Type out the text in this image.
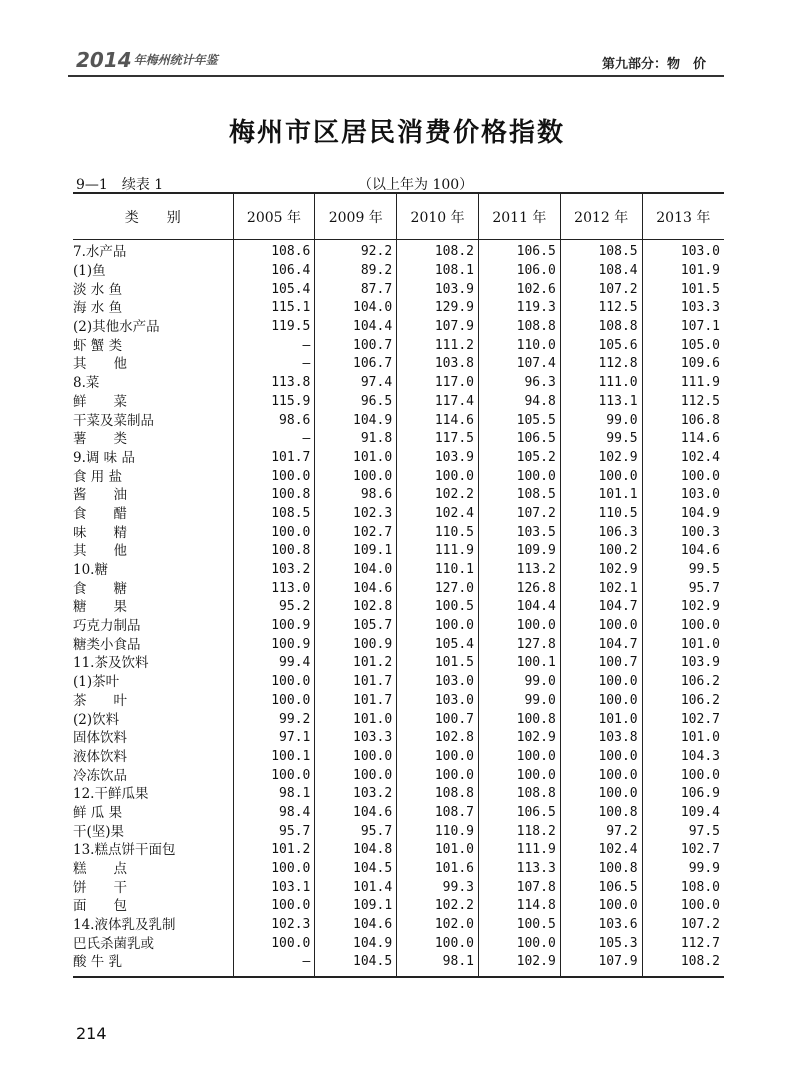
2014 年梅州统计年鉴	第九部分：物　价
梅州市区居民消费价格指数
9—1　续表 1	（以上年为 100）
类　　别	2005 年	2009 年	2010 年	2011 年	2012 年	2013 年
7.水产品	108.6	92.2	108.2	106.5	108.5	103.0
(1)鱼	106.4	89.2	108.1	106.0	108.4	101.9
淡 水 鱼	105.4	87.7	103.9	102.6	107.2	101.5
海 水 鱼	115.1	104.0	129.9	119.3	112.5	103.3
(2)其他水产品	119.5	104.4	107.9	108.8	108.8	107.1
虾 蟹 类	—	100.7	111.2	110.0	105.6	105.0
其　　他	—	106.7	103.8	107.4	112.8	109.6
8.菜	113.8	97.4	117.0	96.3	111.0	111.9
鲜　　菜	115.9	96.5	117.4	94.8	113.1	112.5
干菜及菜制品	98.6	104.9	114.6	105.5	99.0	106.8
薯　　类	—	91.8	117.5	106.5	99.5	114.6
9.调 味 品	101.7	101.0	103.9	105.2	102.9	102.4
食 用 盐	100.0	100.0	100.0	100.0	100.0	100.0
酱　　油	100.8	98.6	102.2	108.5	101.1	103.0
食　　醋	108.5	102.3	102.4	107.2	110.5	104.9
味　　精	100.0	102.7	110.5	103.5	106.3	100.3
其　　他	100.8	109.1	111.9	109.9	100.2	104.6
10.糖	103.2	104.0	110.1	113.2	102.9	99.5
食　　糖	113.0	104.6	127.0	126.8	102.1	95.7
糖　　果	95.2	102.8	100.5	104.4	104.7	102.9
巧克力制品	100.9	105.7	100.0	100.0	100.0	100.0
糖类小食品	100.9	100.9	105.4	127.8	104.7	101.0
11.茶及饮料	99.4	101.2	101.5	100.1	100.7	103.9
(1)茶叶	100.0	101.7	103.0	99.0	100.0	106.2
茶　　叶	100.0	101.7	103.0	99.0	100.0	106.2
(2)饮料	99.2	101.0	100.7	100.8	101.0	102.7
固体饮料	97.1	103.3	102.8	102.9	103.8	101.0
液体饮料	100.1	100.0	100.0	100.0	100.0	104.3
冷冻饮品	100.0	100.0	100.0	100.0	100.0	100.0
12.干鲜瓜果	98.1	103.2	108.8	108.8	100.0	106.9
鲜 瓜 果	98.4	104.6	108.7	106.5	100.8	109.4
干(坚)果	95.7	95.7	110.9	118.2	97.2	97.5
13.糕点饼干面包	101.2	104.8	101.0	111.9	102.4	102.7
糕　　点	100.0	104.5	101.6	113.3	100.8	99.9
饼　　干	103.1	101.4	99.3	107.8	106.5	108.0
面　　包	100.0	109.1	102.2	114.8	100.0	100.0
14.液体乳及乳制	102.3	104.6	102.0	100.5	103.6	107.2
巴氏杀菌乳或	100.0	104.9	100.0	100.0	105.3	112.7
酸 牛 乳	—	104.5	98.1	102.9	107.9	108.2
214
